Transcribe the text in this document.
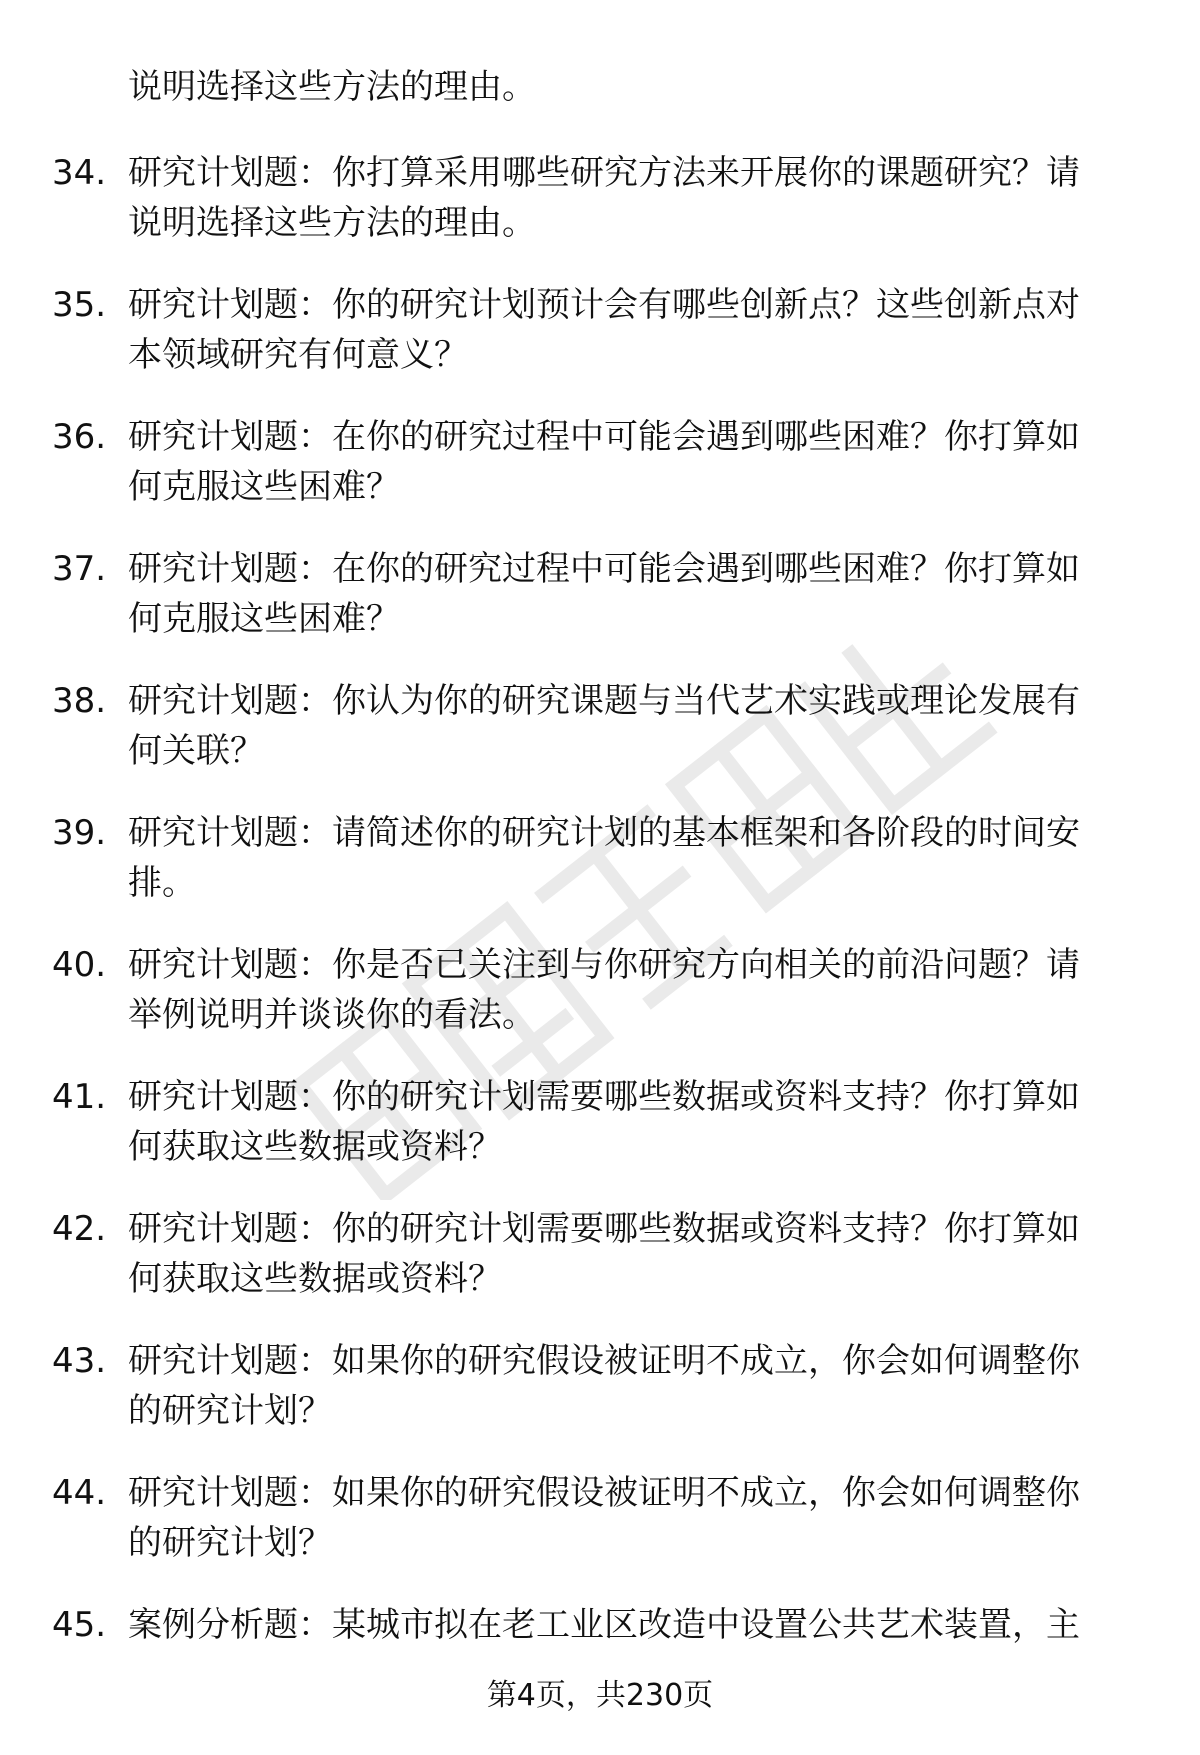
说明选择这些方法的理由。
34. 研究计划题：你打算采用哪些研究方法来开展你的课题研究？请
说明选择这些方法的理由。
35. 研究计划题：你的研究计划预计会有哪些创新点？这些创新点对
本领域研究有何意义？
36. 研究计划题：在你的研究过程中可能会遇到哪些困难？你打算如
何克服这些困难？
37. 研究计划题：在你的研究过程中可能会遇到哪些困难？你打算如
何克服这些困难？
38. 研究计划题：你认为你的研究课题与当代艺术实践或理论发展有
何关联？
39. 研究计划题：请简述你的研究计划的基本框架和各阶段的时间安
排。
40. 研究计划题：你是否已关注到与你研究方向相关的前沿问题？请
举例说明并谈谈你的看法。
41. 研究计划题：你的研究计划需要哪些数据或资料支持？你打算如
何获取这些数据或资料？
42. 研究计划题：你的研究计划需要哪些数据或资料支持？你打算如
何获取这些数据或资料？
43. 研究计划题：如果你的研究假设被证明不成立，你会如何调整你
的研究计划？
44. 研究计划题：如果你的研究假设被证明不成立，你会如何调整你
的研究计划？
45. 案例分析题：某城市拟在老工业区改造中设置公共艺术装置，主
第4页，共230页
